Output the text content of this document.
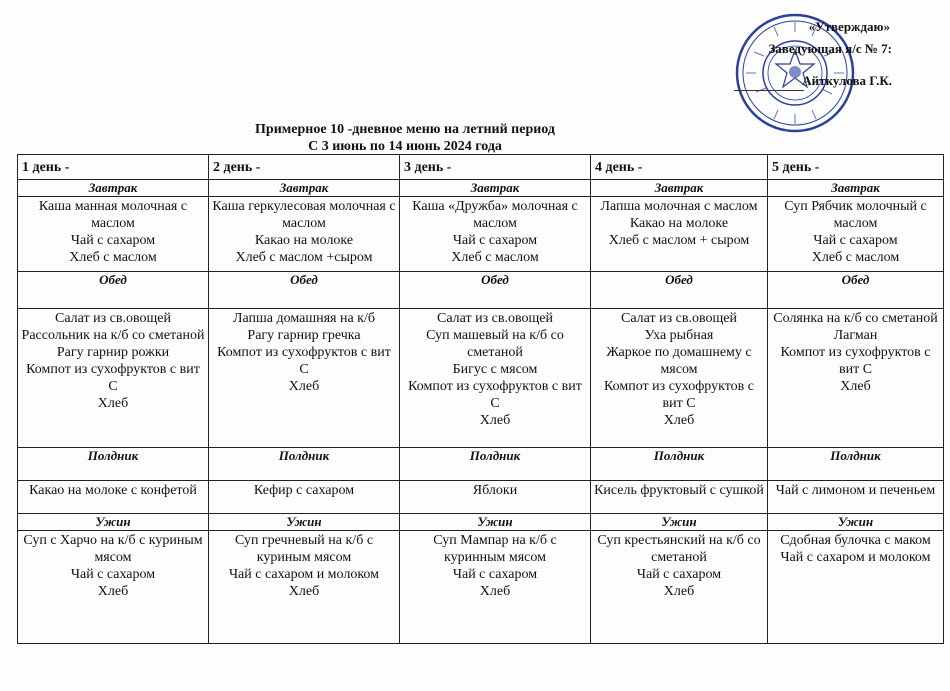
«Утверждаю»
Заведующая я/с № 7:
Айткулова Г.К.
Примерное 10 -дневное меню на летний период
С 3 июнь по 14 июнь 2024 года
1 день -	2 день -	3 день -	4 день -	5 день -
Завтрак	Завтрак	Завтрак	Завтрак	Завтрак

Каша манная молочная с маслом
Чай с сахаром
Хлеб с маслом	Каша геркулесовая молочная с маслом
Какао на молоке
Хлеб с маслом +сыром	Каша «Дружба» молочная с маслом
Чай с сахаром
Хлеб с маслом	Лапша молочная с маслом
Какао на молоке
Хлеб с маслом + сыром	Суп Рябчик молочный с маслом
Чай с сахаром
Хлеб с маслом

Обед	Обед	Обед	Обед	Обед

Салат из св.овощей
Рассольник на к/б со сметаной
Рагу гарнир рожки
Компот из сухофруктов с вит С
Хлеб	Лапша домашняя на к/б
Рагу гарнир гречка
Компот из сухофруктов с вит С
Хлеб	Салат из св.овощей
Суп машевый на к/б со сметаной
Бигус с мясом
Компот из сухофруктов с вит С
Хлеб	Салат из св.овощей
Уха рыбная
Жаркое по домашнему с мясом
Компот из сухофруктов с вит С
Хлеб	Солянка на к/б со сметаной
Лагман
Компот из сухофруктов с вит С
Хлеб

Полдник	Полдник	Полдник	Полдник	Полдник

Какао на молоке с конфетой	Кефир с сахаром	Яблоки	Кисель фруктовый с сушкой	Чай с лимоном и печеньем

Ужин	Ужин	Ужин	Ужин	Ужин

Суп с Харчо на к/б с куриным мясом
Чай с сахаром
Хлеб	Суп гречневый на к/б с куриным мясом
Чай с сахаром и молоком
Хлеб	Суп Мампар на к/б с куринным мясом
Чай с сахаром
Хлеб	Суп крестьянский на к/б со сметаной
Чай с сахаром
Хлеб	Сдобная булочка с маком
Чай с сахаром и молоком
